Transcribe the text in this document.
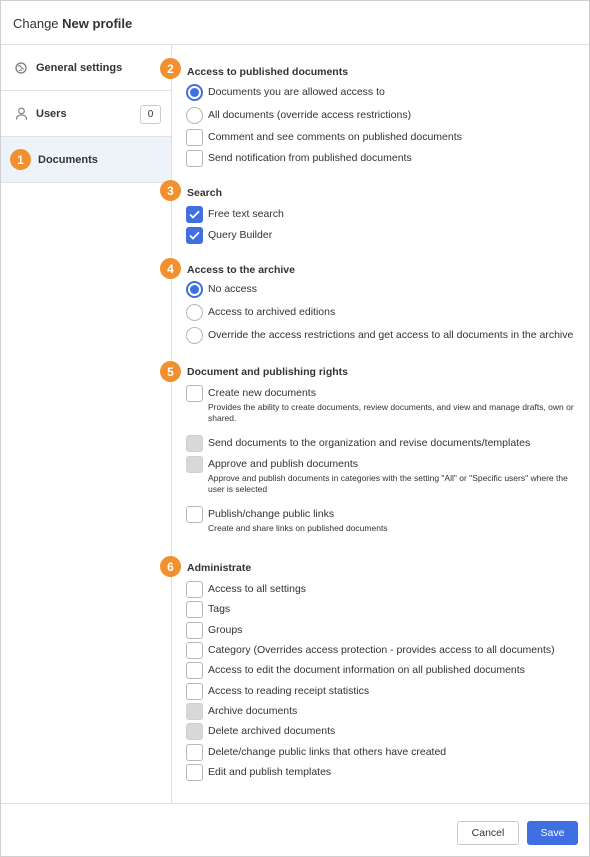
Change New profile
General settings
Users	0
1	Documents
2	Access to published documents
Documents you are allowed access to
All documents (override access restrictions)
Comment and see comments on published documents
Send notification from published documents
3	Search
Free text search
Query Builder
4	Access to the archive
No access
Access to archived editions
Override the access restrictions and get access to all documents in the archive
5	Document and publishing rights
Create new documents
Provides the ability to create documents, review documents, and view and manage drafts, own or shared.
Send documents to the organization and revise documents/templates
Approve and publish documents
Approve and publish documents in categories with the setting "All" or "Specific users" where the user is selected
Publish/change public links
Create and share links on published documents
6	Administrate
Access to all settings
Tags
Groups
Category (Overrides access protection - provides access to all documents)
Access to edit the document information on all published documents
Access to reading receipt statistics
Archive documents
Delete archived documents
Delete/change public links that others have created
Edit and publish templates
Cancel	Save
